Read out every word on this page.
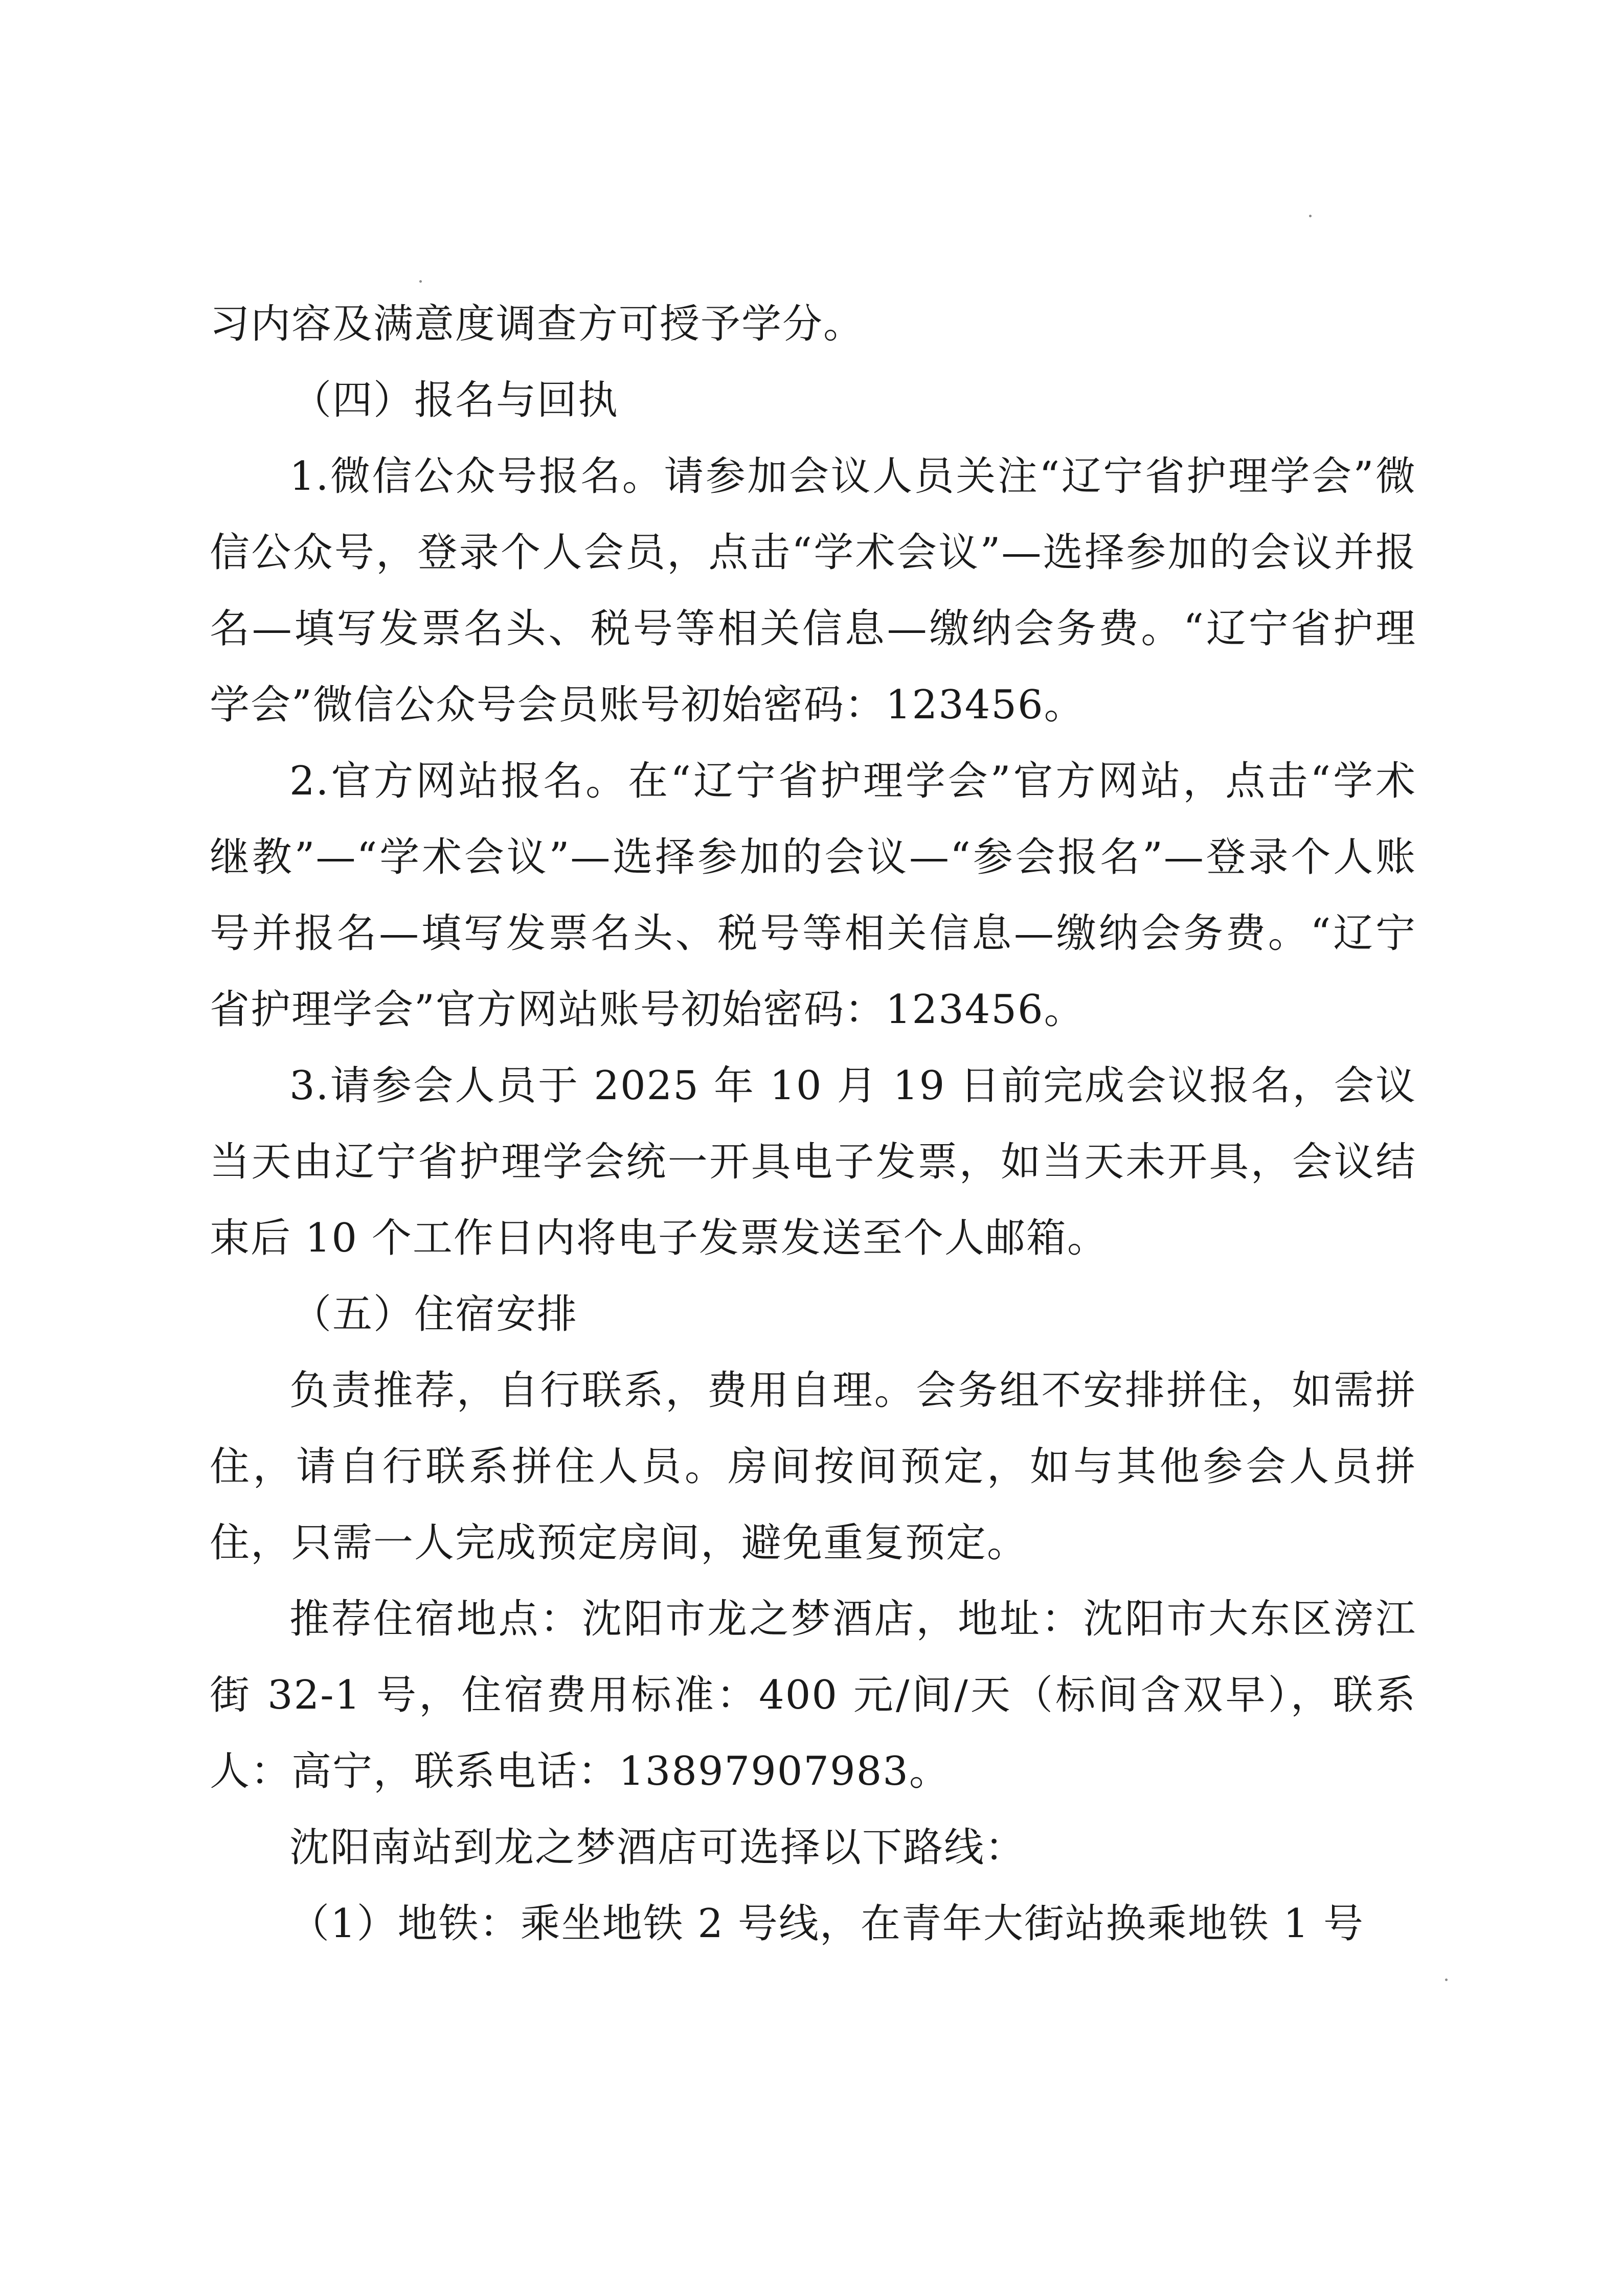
习内容及满意度调查方可授予学分。

（四）报名与回执

1.微信公众号报名。请参加会议人员关注“辽宁省护理学会”微信公众号，登录个人会员，点击“学术会议”—选择参加的会议并报名—填写发票名头、税号等相关信息—缴纳会务费。“辽宁省护理学会”微信公众号会员账号初始密码：123456。

2.官方网站报名。在“辽宁省护理学会”官方网站，点击“学术继教”—“学术会议”—选择参加的会议—“参会报名”—登录个人账号并报名—填写发票名头、税号等相关信息—缴纳会务费。“辽宁省护理学会”官方网站账号初始密码：123456。

3.请参会人员于 2025 年 10 月 19 日前完成会议报名，会议当天由辽宁省护理学会统一开具电子发票，如当天未开具，会议结束后 10 个工作日内将电子发票发送至个人邮箱。

（五）住宿安排

负责推荐，自行联系，费用自理。会务组不安排拼住，如需拼住，请自行联系拼住人员。房间按间预定，如与其他参会人员拼住，只需一人完成预定房间，避免重复预定。

推荐住宿地点：沈阳市龙之梦酒店，地址：沈阳市大东区滂江街 32-1 号，住宿费用标准：400 元/间/天（标间含双早），联系人：高宁，联系电话：13897907983。

沈阳南站到龙之梦酒店可选择以下路线：

（1）地铁：乘坐地铁 2 号线，在青年大街站换乘地铁 1 号
